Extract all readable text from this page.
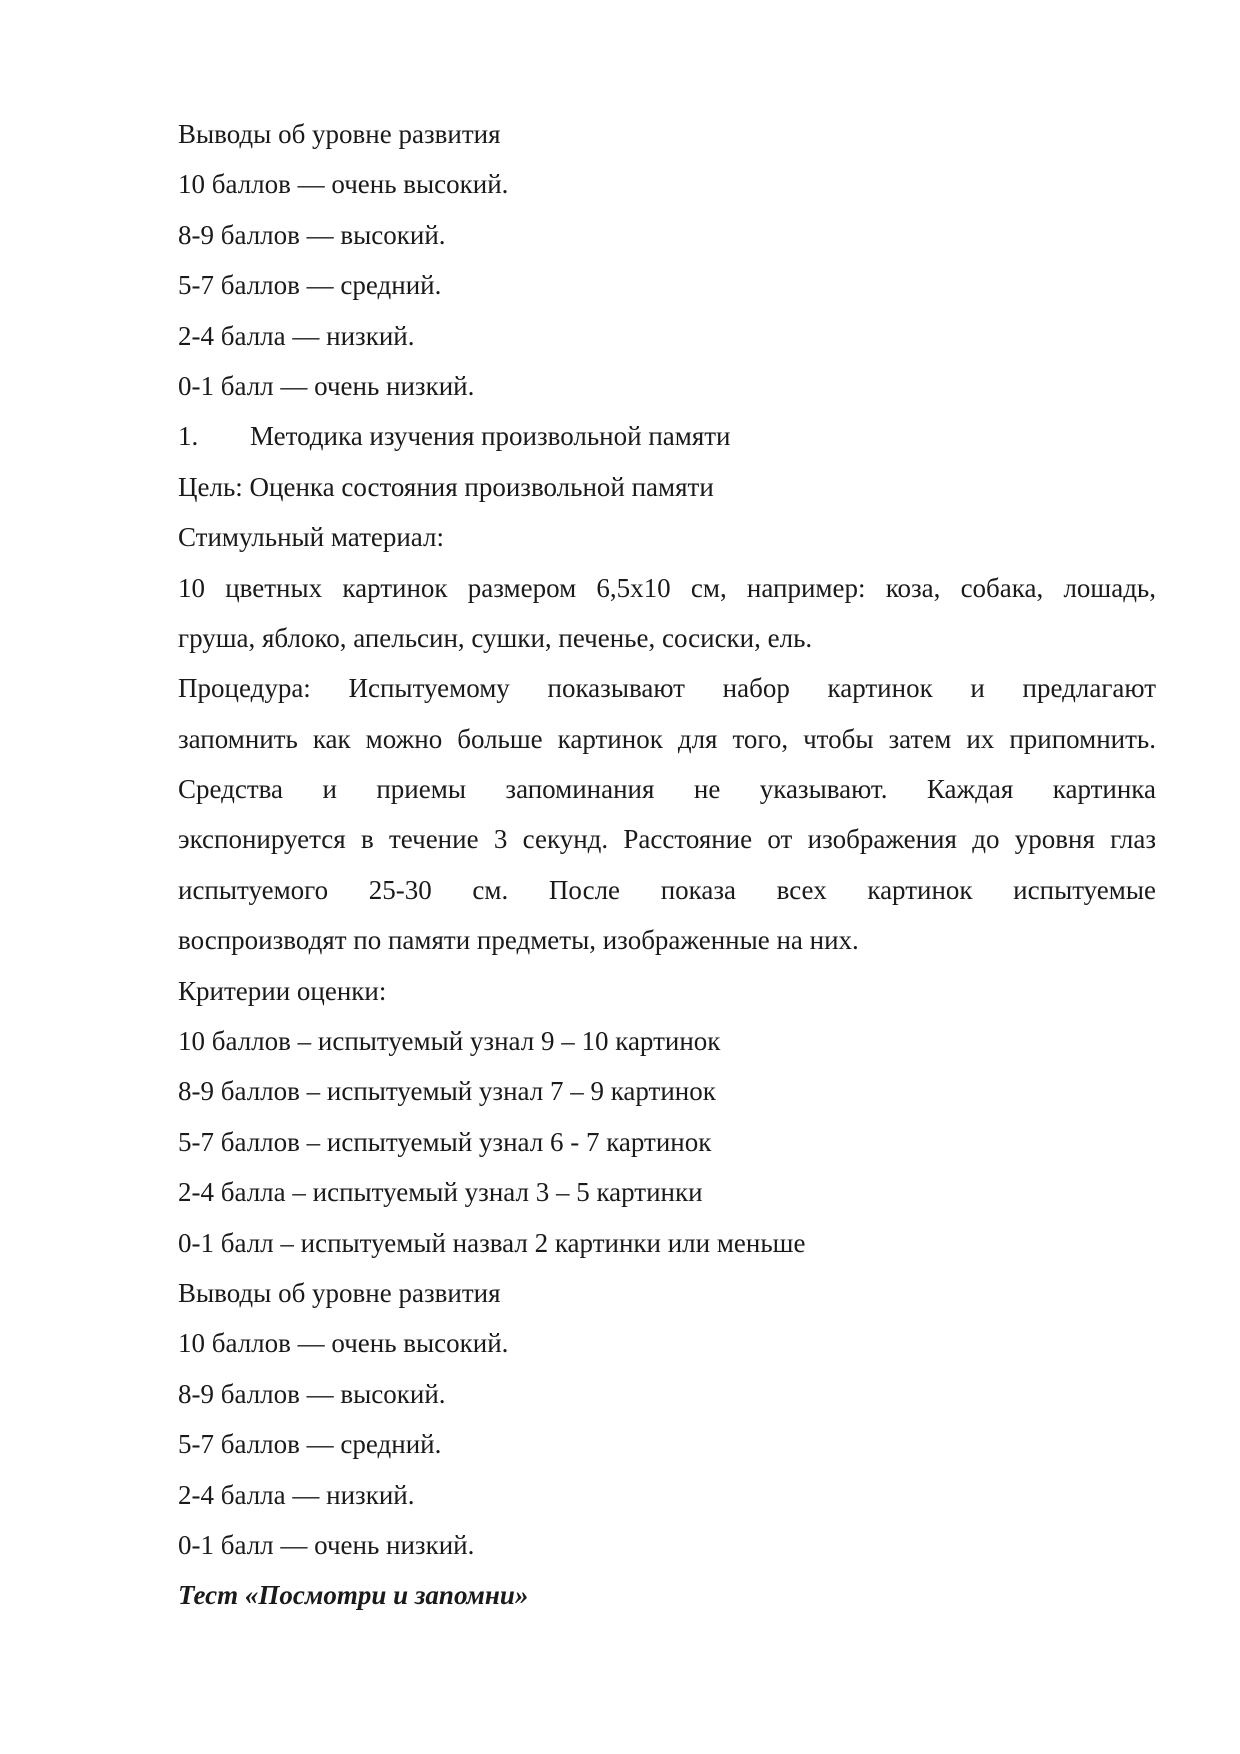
Выводы об уровне развития

10 баллов — очень высокий.

8-9 баллов — высокий.

5-7 баллов — средний.

2-4 балла — низкий.

0-1 балл — очень низкий.

1. Методика изучения произвольной памяти

Цель: Оценка состояния произвольной памяти

Стимульный материал:

10 цветных картинок размером 6,5x10 см, например: коза, собака, лошадь,

груша, яблоко, апельсин, сушки, печенье, сосиски, ель.

Процедура: Испытуемому показывают набор картинок и предлагают

запомнить как можно больше картинок для того, чтобы затем их припомнить.

Средства и приемы запоминания не указывают. Каждая картинка

экспонируется в течение 3 секунд. Расстояние от изображения до уровня глаз

испытуемого 25-30 см. После показа всех картинок испытуемые

воспроизводят по памяти предметы, изображенные на них.

Критерии оценки:

10 баллов – испытуемый узнал 9 – 10 картинок

8-9 баллов – испытуемый узнал 7 – 9 картинок

5-7 баллов – испытуемый узнал 6 - 7 картинок

2-4 балла – испытуемый узнал 3 – 5 картинки

0-1 балл – испытуемый назвал 2 картинки или меньше

Выводы об уровне развития

10 баллов — очень высокий.

8-9 баллов — высокий.

5-7 баллов — средний.

2-4 балла — низкий.

0-1 балл — очень низкий.

Тест «Посмотри и запомни»
